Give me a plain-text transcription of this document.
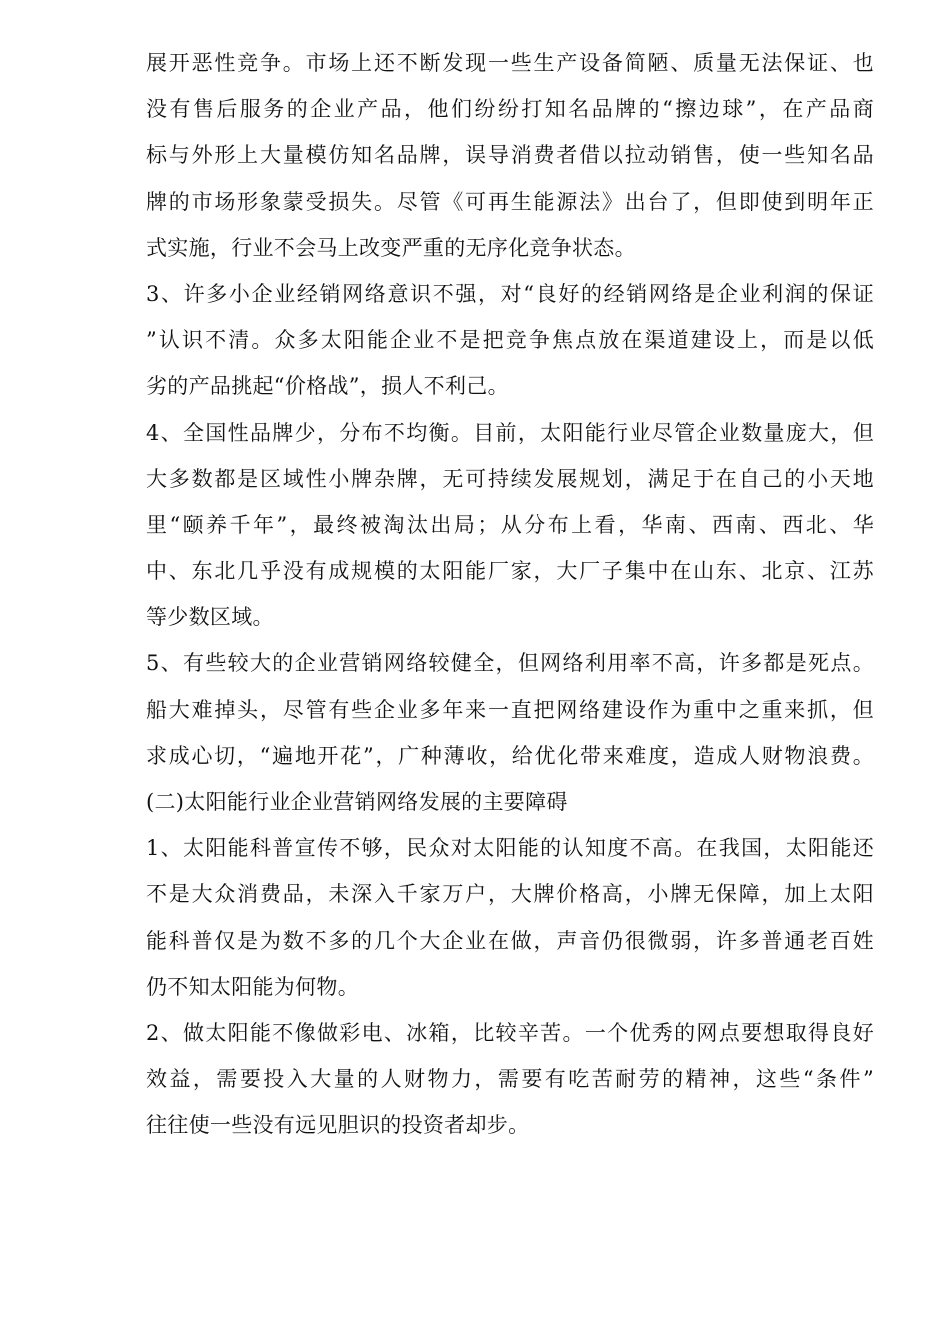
展开恶性竞争。市场上还不断发现一些生产设备简陋、质量无法保证、也
没有售后服务的企业产品，他们纷纷打知名品牌的“擦边球”，在产品商
标与外形上大量模仿知名品牌，误导消费者借以拉动销售，使一些知名品
牌的市场形象蒙受损失。尽管《可再生能源法》出台了，但即使到明年正
式实施，行业不会马上改变严重的无序化竞争状态。
3、许多小企业经销网络意识不强，对“良好的经销网络是企业利润的保证
”认识不清。众多太阳能企业不是把竞争焦点放在渠道建设上，而是以低
劣的产品挑起“价格战”，损人不利己。
4、全国性品牌少，分布不均衡。目前，太阳能行业尽管企业数量庞大，但
大多数都是区域性小牌杂牌，无可持续发展规划，满足于在自己的小天地
里“颐养千年”，最终被淘汰出局；从分布上看，华南、西南、西北、华
中、东北几乎没有成规模的太阳能厂家，大厂子集中在山东、北京、江苏
等少数区域。
5、有些较大的企业营销网络较健全，但网络利用率不高，许多都是死点。
船大难掉头，尽管有些企业多年来一直把网络建设作为重中之重来抓，但
求成心切，“遍地开花”，广种薄收，给优化带来难度，造成人财物浪费。
(二)太阳能行业企业营销网络发展的主要障碍
1、太阳能科普宣传不够，民众对太阳能的认知度不高。在我国，太阳能还
不是大众消费品，未深入千家万户，大牌价格高，小牌无保障，加上太阳
能科普仅是为数不多的几个大企业在做，声音仍很微弱，许多普通老百姓
仍不知太阳能为何物。
2、做太阳能不像做彩电、冰箱，比较辛苦。一个优秀的网点要想取得良好
效益，需要投入大量的人财物力，需要有吃苦耐劳的精神，这些“条件”
往往使一些没有远见胆识的投资者却步。
